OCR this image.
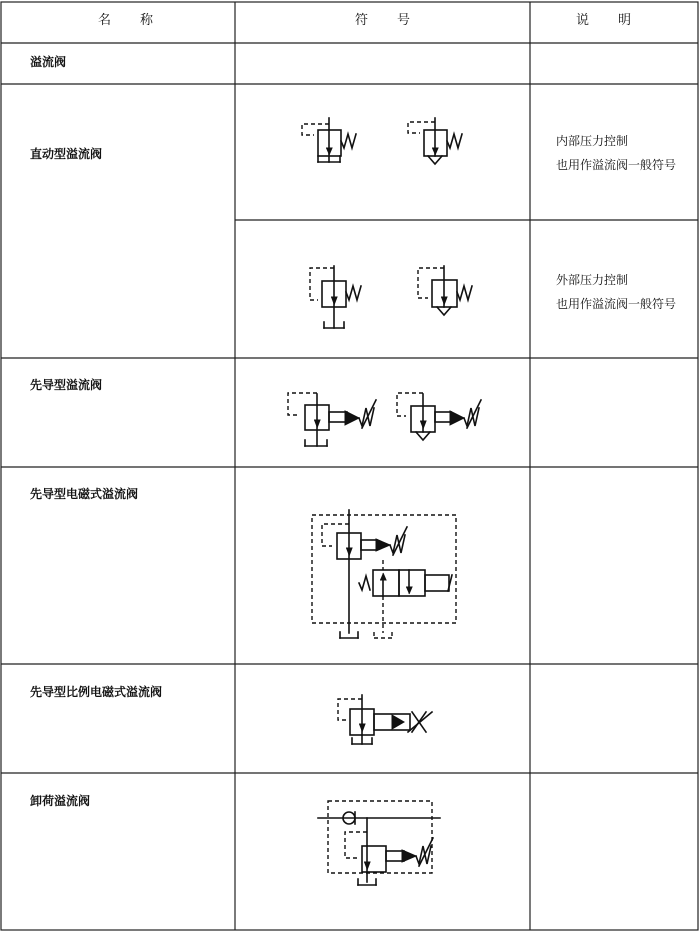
名　　称	符　　号	说　　明
溢流阀
直动型溢流阀
先导型溢流阀
先导型电磁式溢流阀
先导型比例电磁式溢流阀
卸荷溢流阀
内部压力控制
也用作溢流阀一般符号
外部压力控制
也用作溢流阀一般符号
